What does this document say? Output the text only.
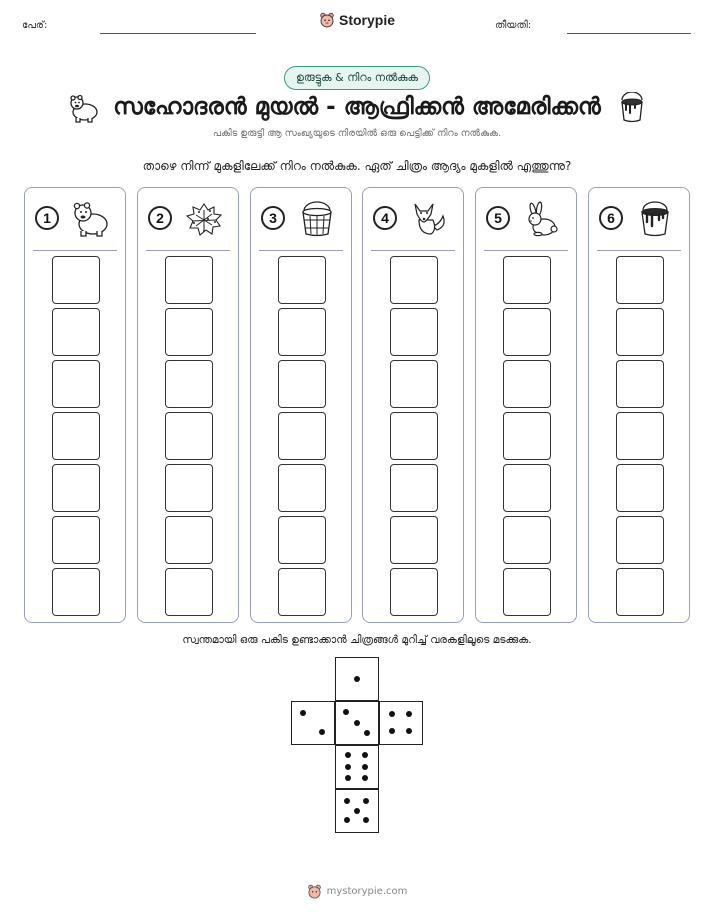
പേര്:	തീയതി:
Storypie
ഉരുട്ടുക & നിറം നൽകുക
സഹോദരൻ മുയൽ - ആഫ്രിക്കൻ അമേരിക്കൻ
പകിട ഉരുട്ടി ആ സംഖ്യയുടെ നിരയിൽ ഒരു പെട്ടിക്ക് നിറം നൽകുക.
താഴെ നിന്ന് മുകളിലേക്ക് നിറം നൽകുക. ഏത് ചിത്രം ആദ്യം മുകളിൽ എത്തുന്നു?
1	2	3	4	5	6
സ്വന്തമായി ഒരു പകിട ഉണ്ടാക്കാൻ ചിത്രങ്ങൾ മുറിച്ച് വരകളിലൂടെ മടക്കുക.
mystorypie.com
